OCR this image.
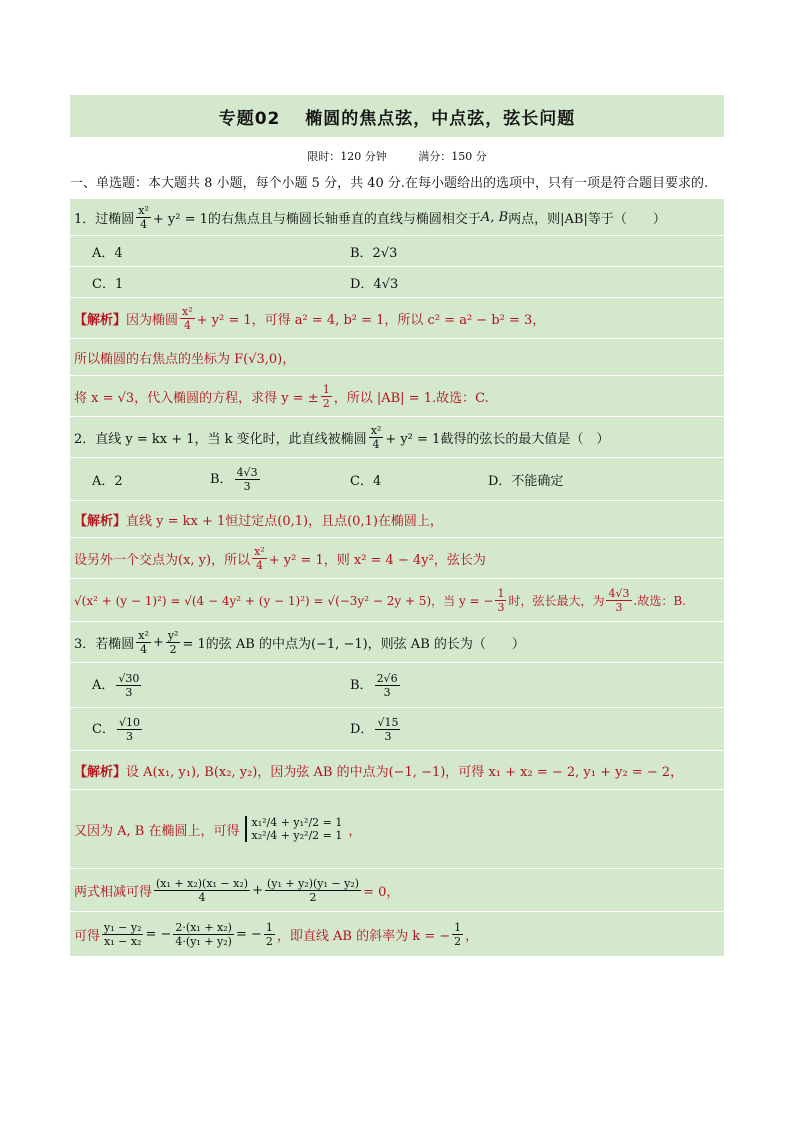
专题02　 椭圆的焦点弦，中点弦，弦长问题
限时：120 分钟	满分：150 分
一、单选题：本大题共 8 小题，每个小题 5 分，共 40 分.在每小题给出的选项中，只有一项是符合题目要求的.
1．过椭圆 $\frac{\text{x²}}{4} + y^2 = 1$的右焦点且与椭圆长轴垂直的直线与椭圆相交于 A, B 两点，则|AB|等于（　　）
A．4	B．2√3
C．1	D．4√3
【解析】 因为椭圆 $\frac{\text{x²}}{4} + y^2 = 1$，可得 a² = 4, b² = 1，所以 c² = a² − b² = 3，
所以椭圆的右焦点的坐标为 F(√3,0)，
将 x = √3，代入椭圆的方程，求得 y = ± $\frac{1}{2}$ ，所以 |AB| = 1.故选：C.
2．直线 y = kx + 1，当 k 变化时，此直线被椭圆 $\frac{\text{x²}}{4} + y^2 = 1$截得的弦长的最大值是（　）
A．2	B． $\frac{4√3}{3}$	C．4	D．不能确定
【解析】 直线 y = kx + 1恒过定点(0,1)，且点(0,1)在椭圆上，
设另外一个交点为(x, y)，所以 $\frac{\text{x²}}{4} + y^2 = 1$，则 x² = 4 − 4y²，弦长为
√(x² + (y − 1)²) = √(4 − 4y² + (y − 1)²) = √(−3y² − 2y + 5)，当 y = − $\frac{1}{3}$ 时，弦长最大，为 $\frac{4√3}{3}$ .故选：B.
3．若椭圆 $\frac{\text{x²}}{4} + \frac{\text{y²}}{2} = 1$的弦 AB 的中点为(−1, −1)，则弦 AB 的长为（　　）
A． $\frac{√30}{3}$	B． $\frac{2√6}{3}$
C． $\frac{√10}{3}$	D． $\frac{√15}{3}$
【解析】 设 A(x₁, y₁), B(x₂, y₂)，因为弦 AB 的中点为(−1, −1)，可得 x₁ + x₂ = − 2, y₁ + y₂ = − 2，
又因为 A, B 在椭圆上，可得
x₁²/4 + y₁²/2 = 1
x₂²/4 + y₂²/2 = 1 ，
两式相减可得 $\frac{\text{(x₁ + x₂)(x₁ − x₂)}}{4} + \frac{\text{(y₁ + y₂)(y₁ − y₂)}}{2} = 0$，
可得 $\frac{\text{y₁ − y₂}}{\text{x₁ − x₂}}$ = − $\frac{\text{2·(x₁ + x₂)}}{\text{4·(y₁ + y₂)}}$ = − $\frac{1}{2}$ ，即直线 AB 的斜率为 k = − $\frac{1}{2}$ ，
